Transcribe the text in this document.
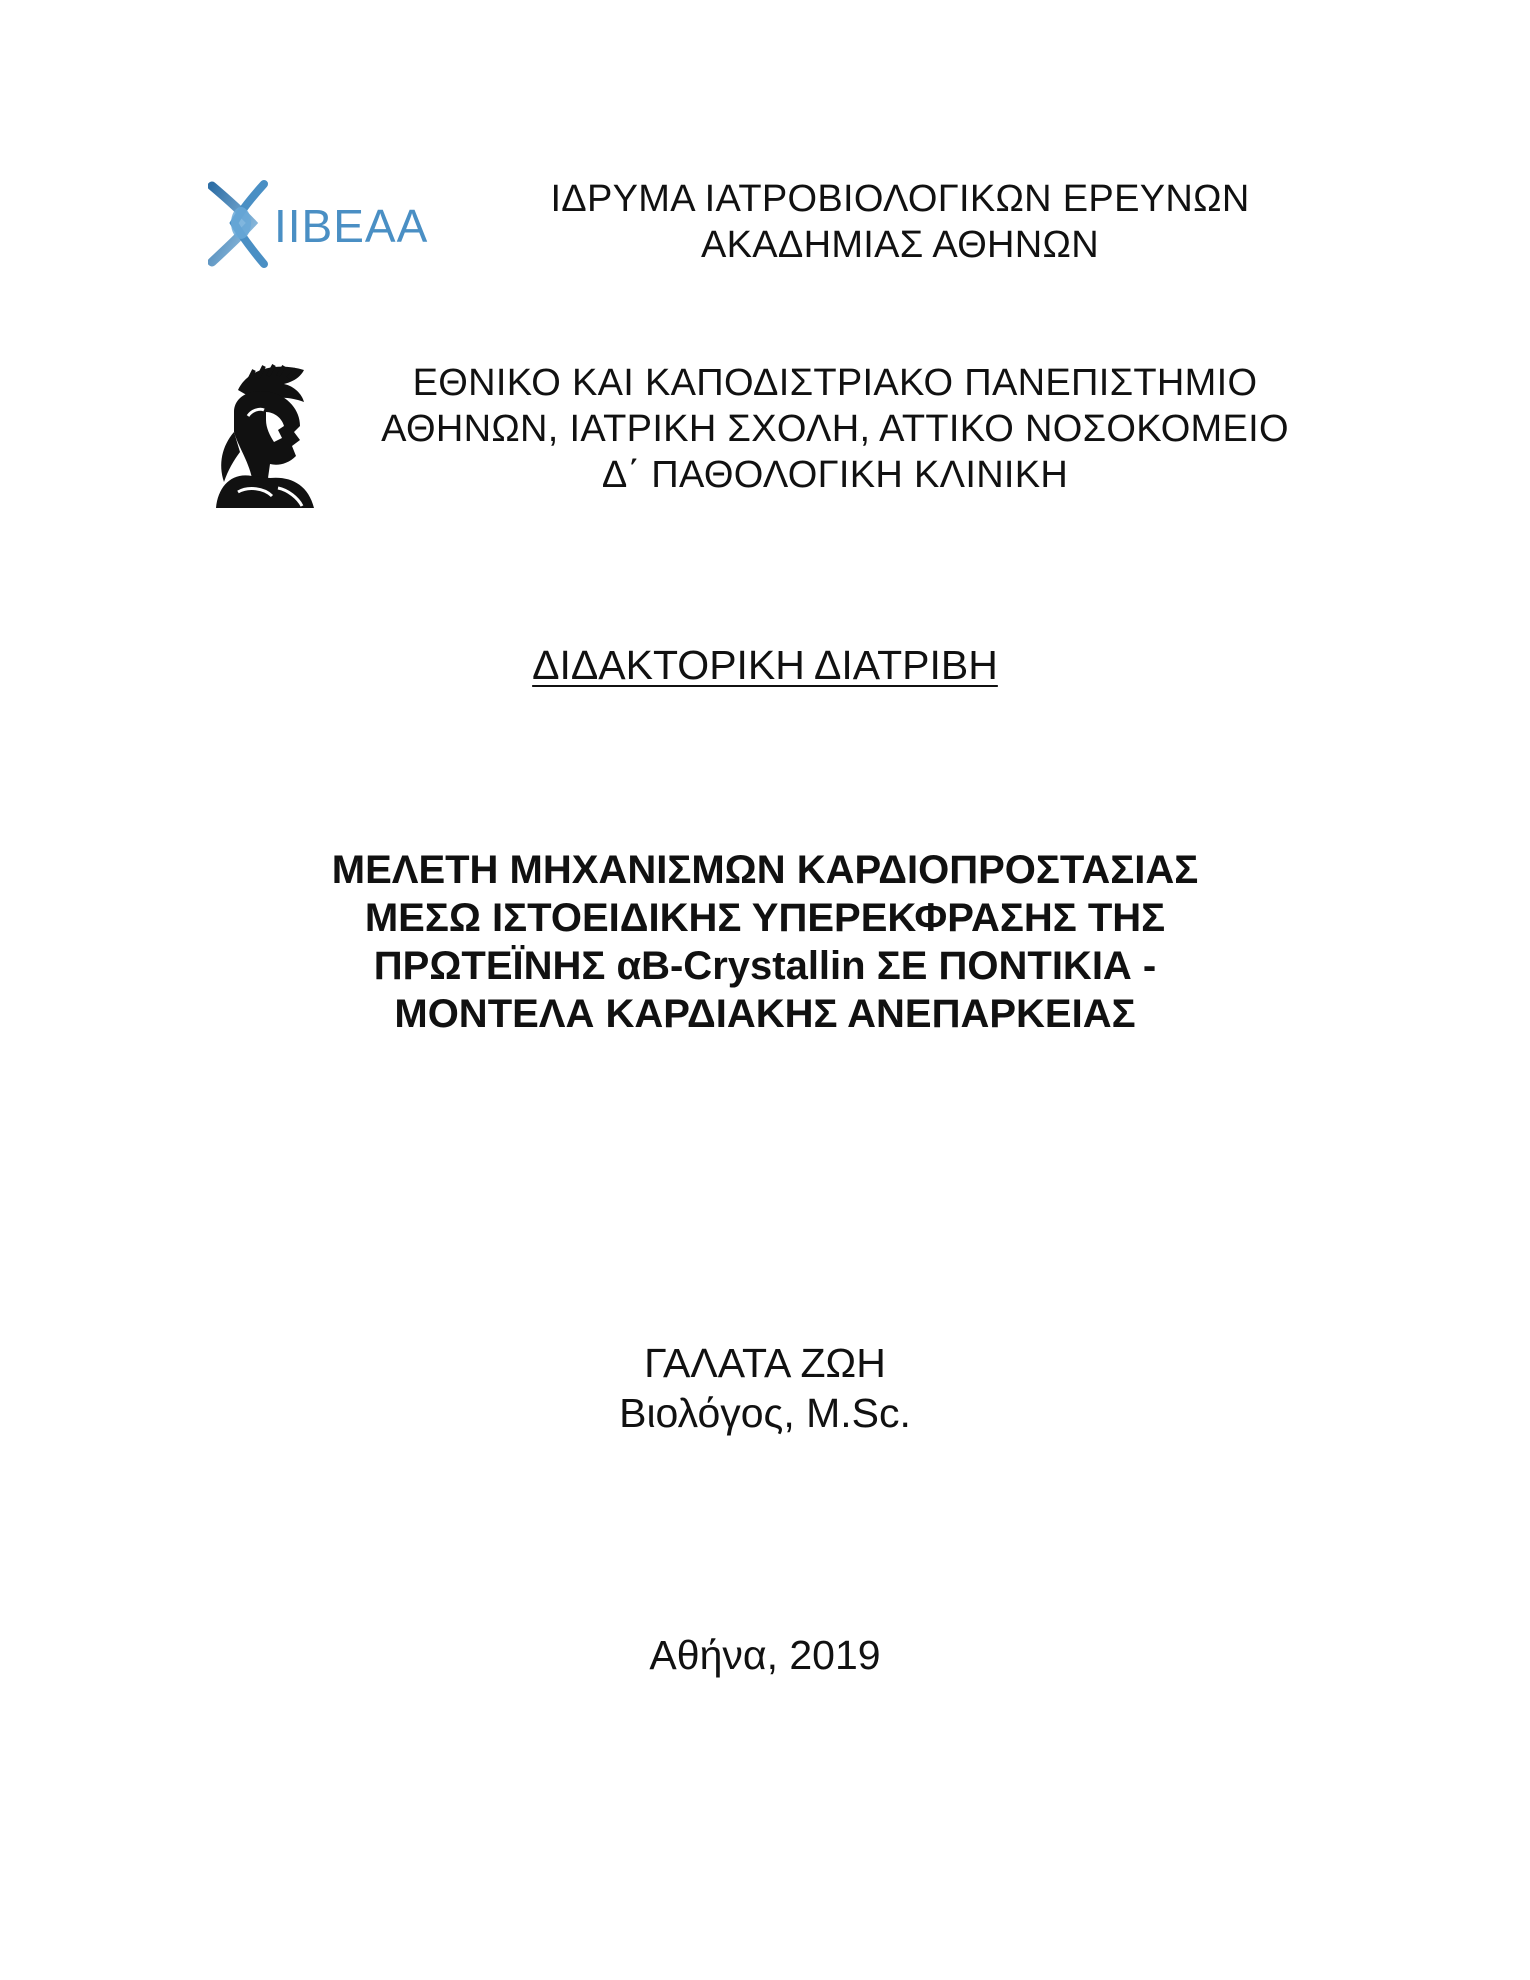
IIBEAA
ΙΔΡΥΜΑ ΙΑΤΡΟΒΙΟΛΟΓΙΚΩΝ ΕΡΕΥΝΩΝ
ΑΚΑΔΗΜΙΑΣ ΑΘΗΝΩΝ
ΕΘΝΙΚΟ ΚΑΙ ΚΑΠΟΔΙΣΤΡΙΑΚΟ ΠΑΝΕΠΙΣΤΗΜΙΟ
ΑΘΗΝΩΝ, ΙΑΤΡΙΚΗ ΣΧΟΛΗ, ΑΤΤΙΚΟ ΝΟΣΟΚΟΜΕΙΟ
Δ΄ ΠΑΘΟΛΟΓΙΚΗ ΚΛΙΝΙΚΗ
ΔΙΔΑΚΤΟΡΙΚΗ ΔΙΑΤΡΙΒΗ
ΜΕΛΕΤΗ ΜΗΧΑΝΙΣΜΩΝ ΚΑΡΔΙΟΠΡΟΣΤΑΣΙΑΣ
ΜΕΣΩ ΙΣΤΟΕΙΔΙΚΗΣ ΥΠΕΡΕΚΦΡΑΣΗΣ ΤΗΣ
ΠΡΩΤΕΪΝΗΣ αB-Crystallin ΣΕ ΠΟΝΤΙΚΙΑ -
ΜΟΝΤΕΛΑ ΚΑΡΔΙΑΚΗΣ ΑΝΕΠΑΡΚΕΙΑΣ
ΓΑΛΑΤΑ ΖΩΗ
Βιολόγος, M.Sc.
Αθήνα, 2019
